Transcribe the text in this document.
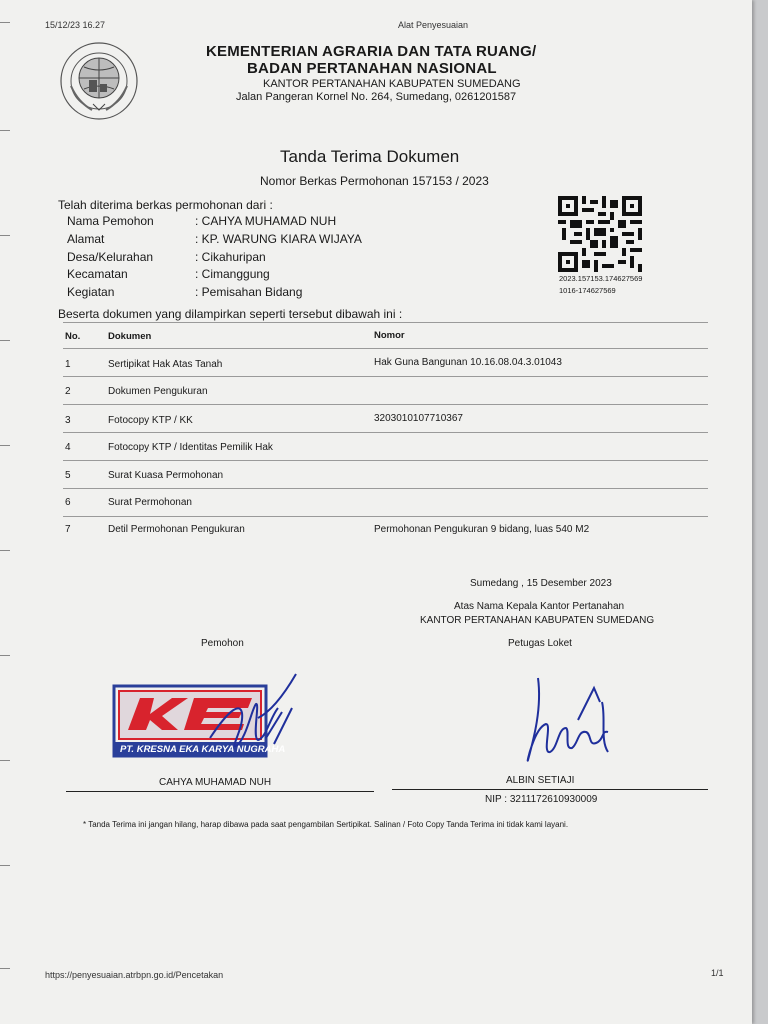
15/12/23 16.27	Alat Penyesuaian
KEMENTERIAN AGRARIA DAN TATA RUANG/
BADAN PERTANAHAN NASIONAL
KANTOR PERTANAHAN KABUPATEN SUMEDANG
Jalan Pangeran Kornel No. 264, Sumedang, 0261201587
Tanda Terima Dokumen
Nomor Berkas Permohonan 157153 / 2023
2023.157153.174627569
1016-174627569
Telah diterima berkas permohonan dari :
Nama Pemohon	: CAHYA MUHAMAD NUH
Alamat	: KP. WARUNG KIARA WIJAYA
Desa/Kelurahan	: Cikahuripan
Kecamatan	: Cimanggung
Kegiatan	: Pemisahan Bidang
Beserta dokumen yang dilampirkan seperti tersebut dibawah ini :
No.	Dokumen	Nomor
1	Sertipikat Hak Atas Tanah	Hak Guna Bangunan 10.16.08.04.3.01043
2	Dokumen Pengukuran
3	Fotocopy KTP / KK	3203010107710367
4	Fotocopy KTP / Identitas Pemilik Hak
5	Surat Kuasa Permohonan
6	Surat Permohonan
7	Detil Permohonan Pengukuran	Permohonan Pengukuran 9 bidang, luas 540 M2
Sumedang , 15 Desember 2023
Atas Nama Kepala Kantor Pertanahan
KANTOR PERTANAHAN KABUPATEN SUMEDANG
Pemohon	Petugas Loket
PT. KRESNA EKA KARYA NUGRAHA
CAHYA MUHAMAD NUH	ALBIN SETIAJI
NIP : 3211172610930009
* Tanda Terima ini jangan hilang, harap dibawa pada saat pengambilan Sertipikat. Salinan / Foto Copy Tanda Terima ini tidak kami layani.
https://penyesuaian.atrbpn.go.id/Pencetakan	1/1
